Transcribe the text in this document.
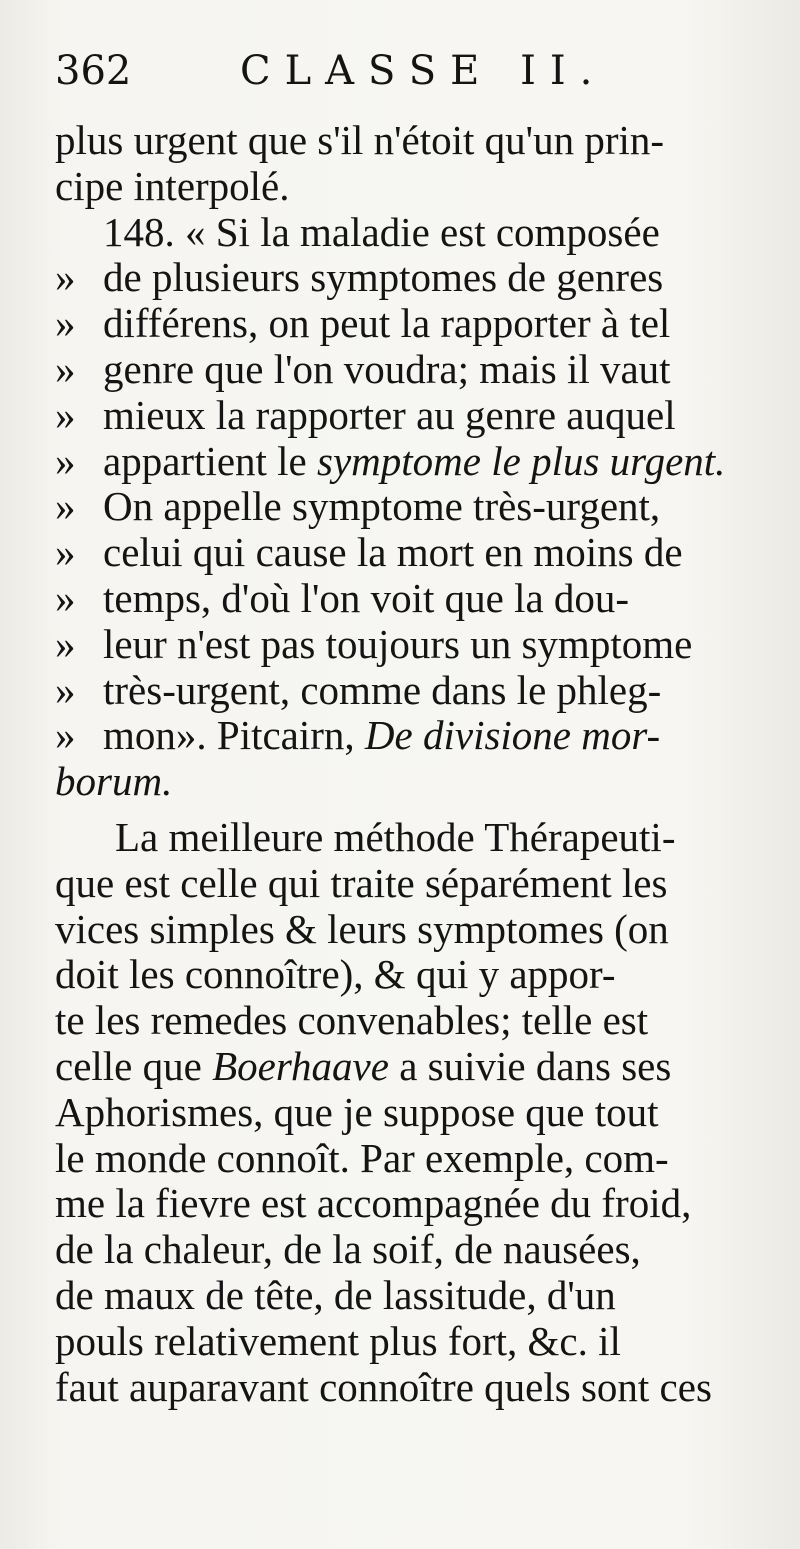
362	CLASSE II.
plus urgent que s'il n'étoit qu'un prin-
cipe interpolé.
148. « Si la maladie est composée
» de plusieurs symptomes de genres
» différens, on peut la rapporter à tel
» genre que l'on voudra; mais il vaut
» mieux la rapporter au genre auquel
» appartient le symptome le plus urgent.
» On appelle symptome très-urgent,
» celui qui cause la mort en moins de
» temps, d'où l'on voit que la dou-
» leur n'est pas toujours un symptome
» très-urgent, comme dans le phleg-
» mon». Pitcairn, De divisione mor-
borum.
La meilleure méthode Thérapeuti-
que est celle qui traite séparément les
vices simples & leurs symptomes (on
doit les connoître), & qui y appor-
te les remedes convenables; telle est
celle que Boerhaave a suivie dans ses
Aphorismes, que je suppose que tout
le monde connoît. Par exemple, com-
me la fievre est accompagnée du froid,
de la chaleur, de la soif, de nausées,
de maux de tête, de lassitude, d'un
pouls relativement plus fort, &c. il
faut auparavant connoître quels sont ces
